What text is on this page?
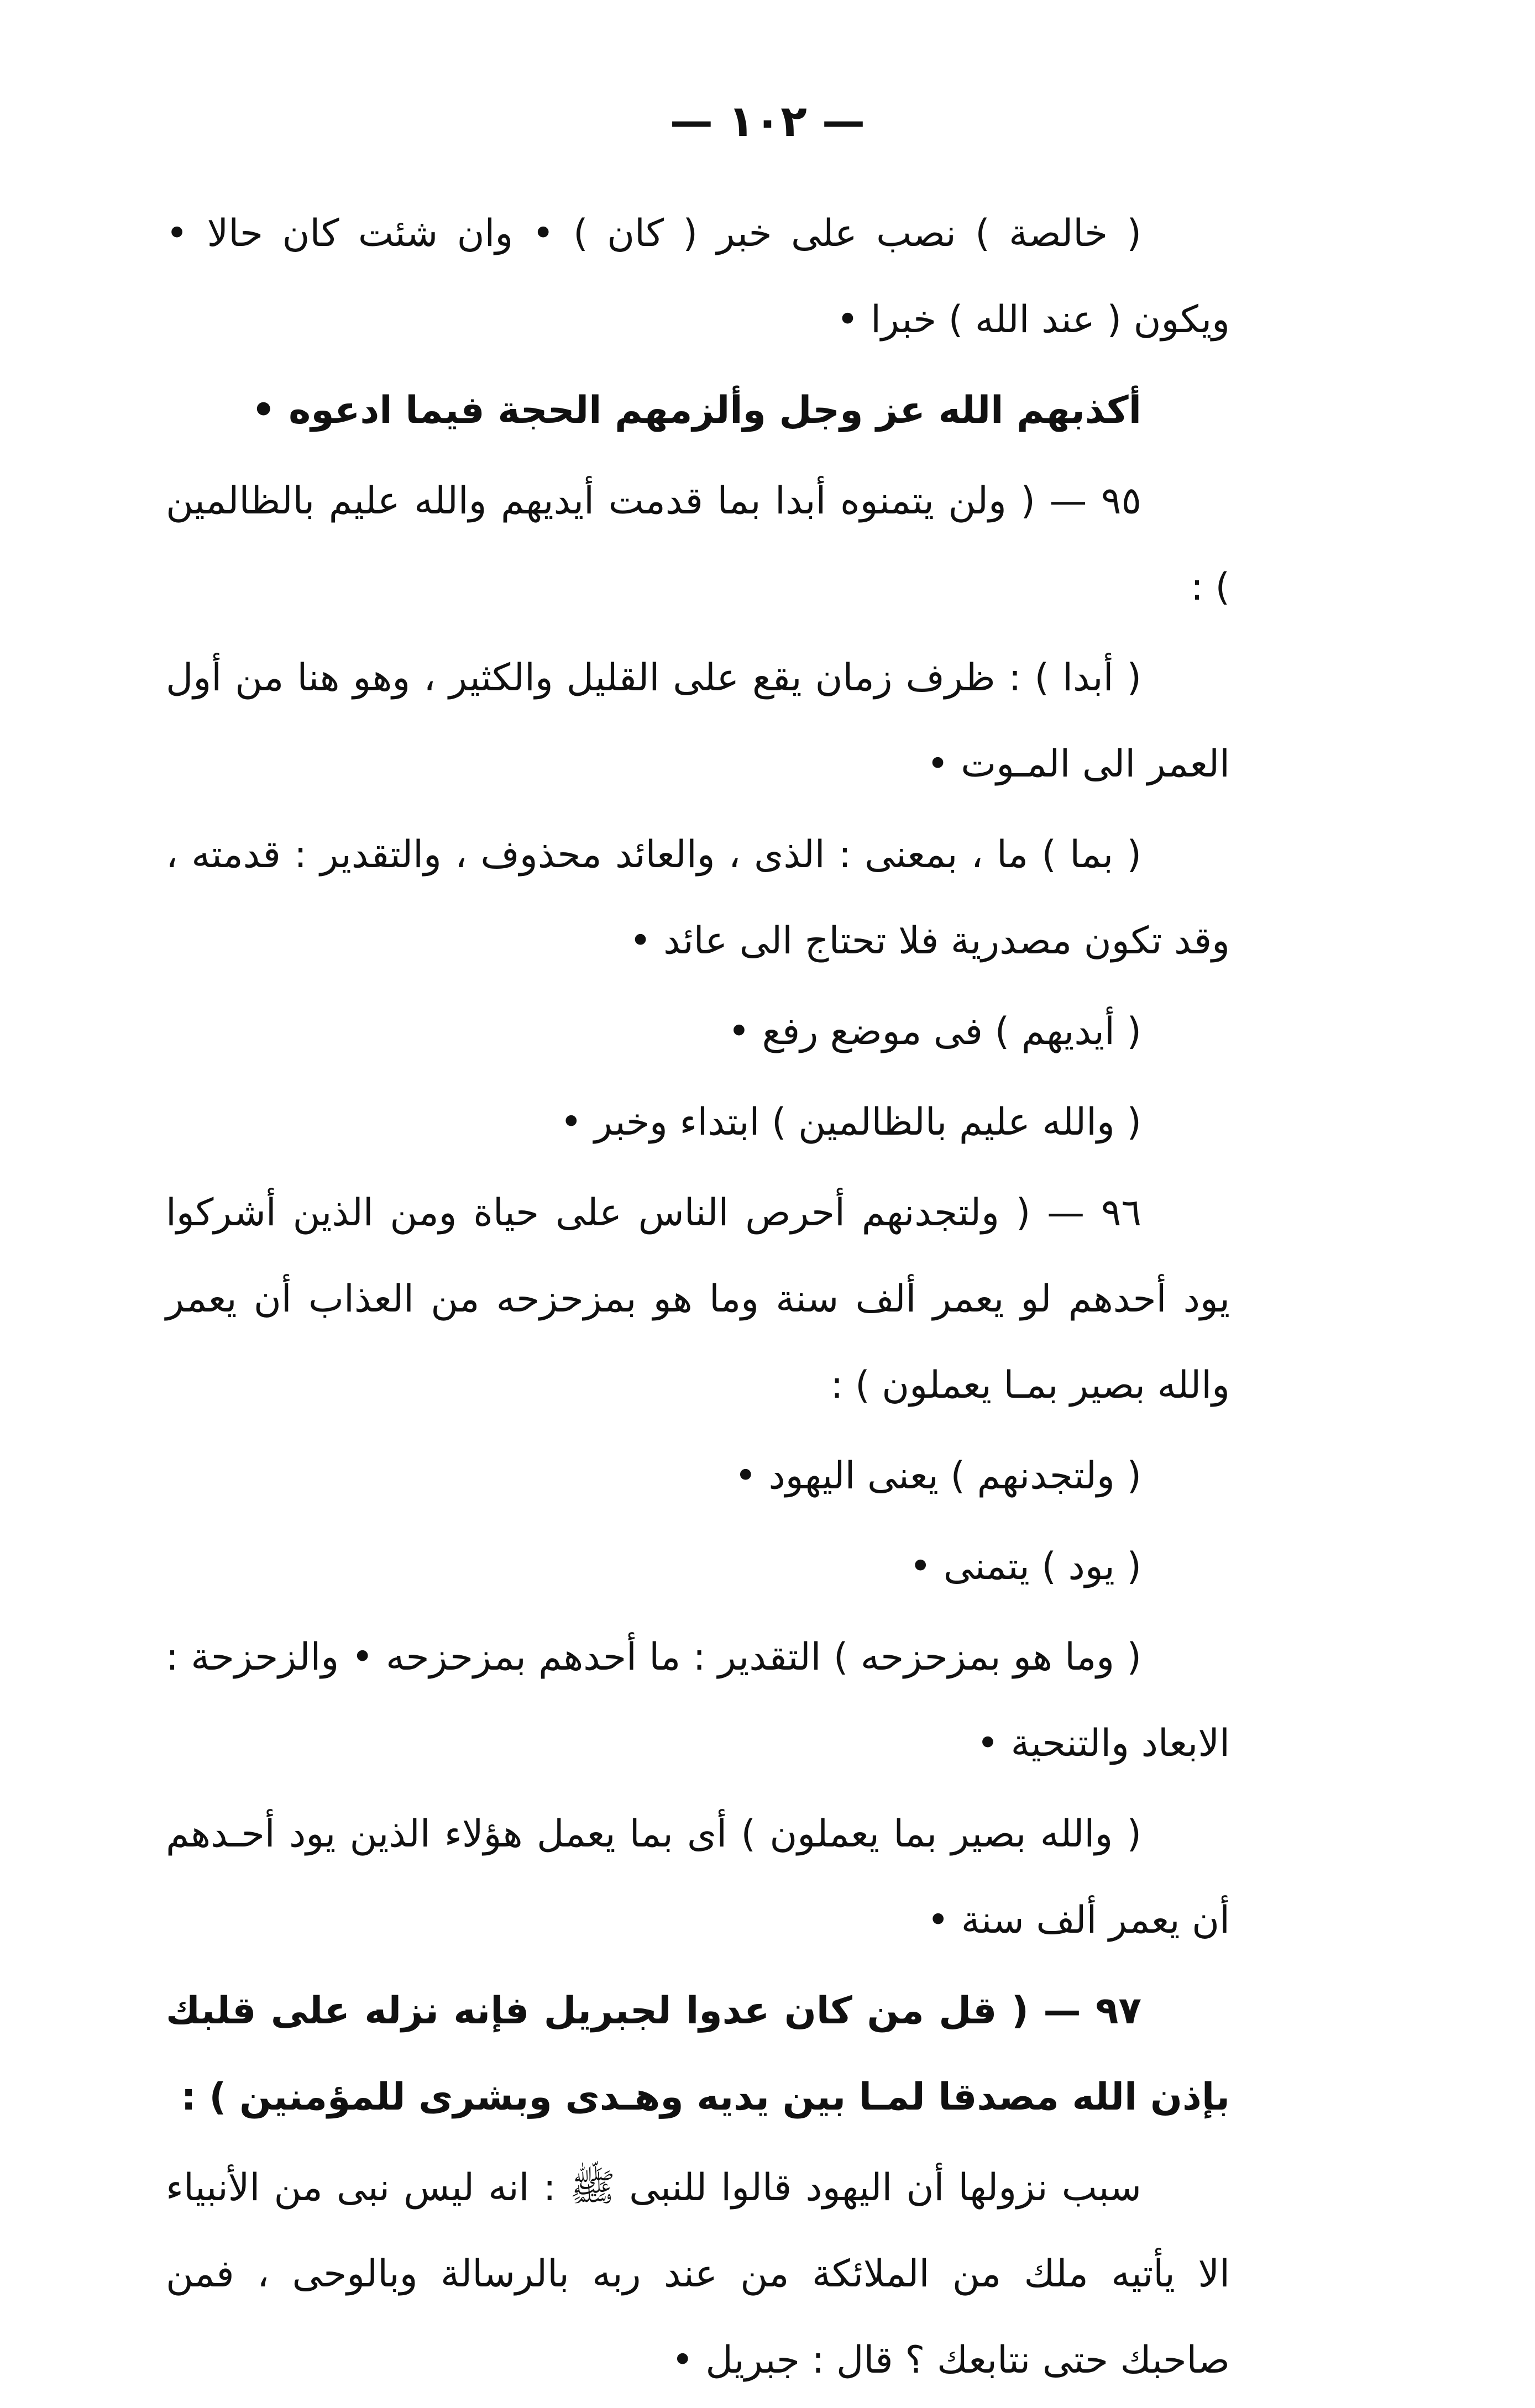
— ١٠٢ —

( خالصة ) نصب على خبر ( كان ) • وان شئت كان حالا • ويكون ( عند الله ) خبرا •

أكذبهم الله عز وجل وألزمهم الحجة فيما ادعوه •

٩٥ — ( ولن يتمنوه أبدا بما قدمت أيديهم والله عليم بالظالمين ) :

( أبدا ) : ظرف زمان يقع على القليل والكثير ، وهو هنا من أول العمر الى المـوت •

( بما ) ما ، بمعنى : الذى ، والعائد محذوف ، والتقدير : قدمته ، وقد تكون مصدرية فلا تحتاج الى عائد •

( أيديهم ) فى موضع رفع •

( والله عليم بالظالمين ) ابتداء وخبر •

٩٦ — ( ولتجدنهم أحرص الناس على حياة ومن الذين أشركوا يود أحدهم لو يعمر ألف سنة وما هو بمزحزحه من العذاب أن يعمر والله بصير بمـا يعملون ) :

( ولتجدنهم ) يعنى اليهود •

( يود ) يتمنى •

( وما هو بمزحزحه ) التقدير : ما أحدهم بمزحزحه • والزحزحة : الابعاد والتنحية •

( والله بصير بما يعملون ) أى بما يعمل هؤلاء الذين يود أحـدهم أن يعمر ألف سنة •

٩٧ — ( قل من كان عدوا لجبريل فإنه نزله على قلبك بإذن الله مصدقا لمـا بين يديه وهـدى وبشرى للمؤمنين ) :

سبب نزولها أن اليهود قالوا للنبى ﷺ : انه ليس نبى من الأنبياء الا يأتيه ملك من الملائكة من عند ربه بالرسالة وبالوحى ، فمن صاحبك حتى نتابعك ؟ قال : جبريل •
